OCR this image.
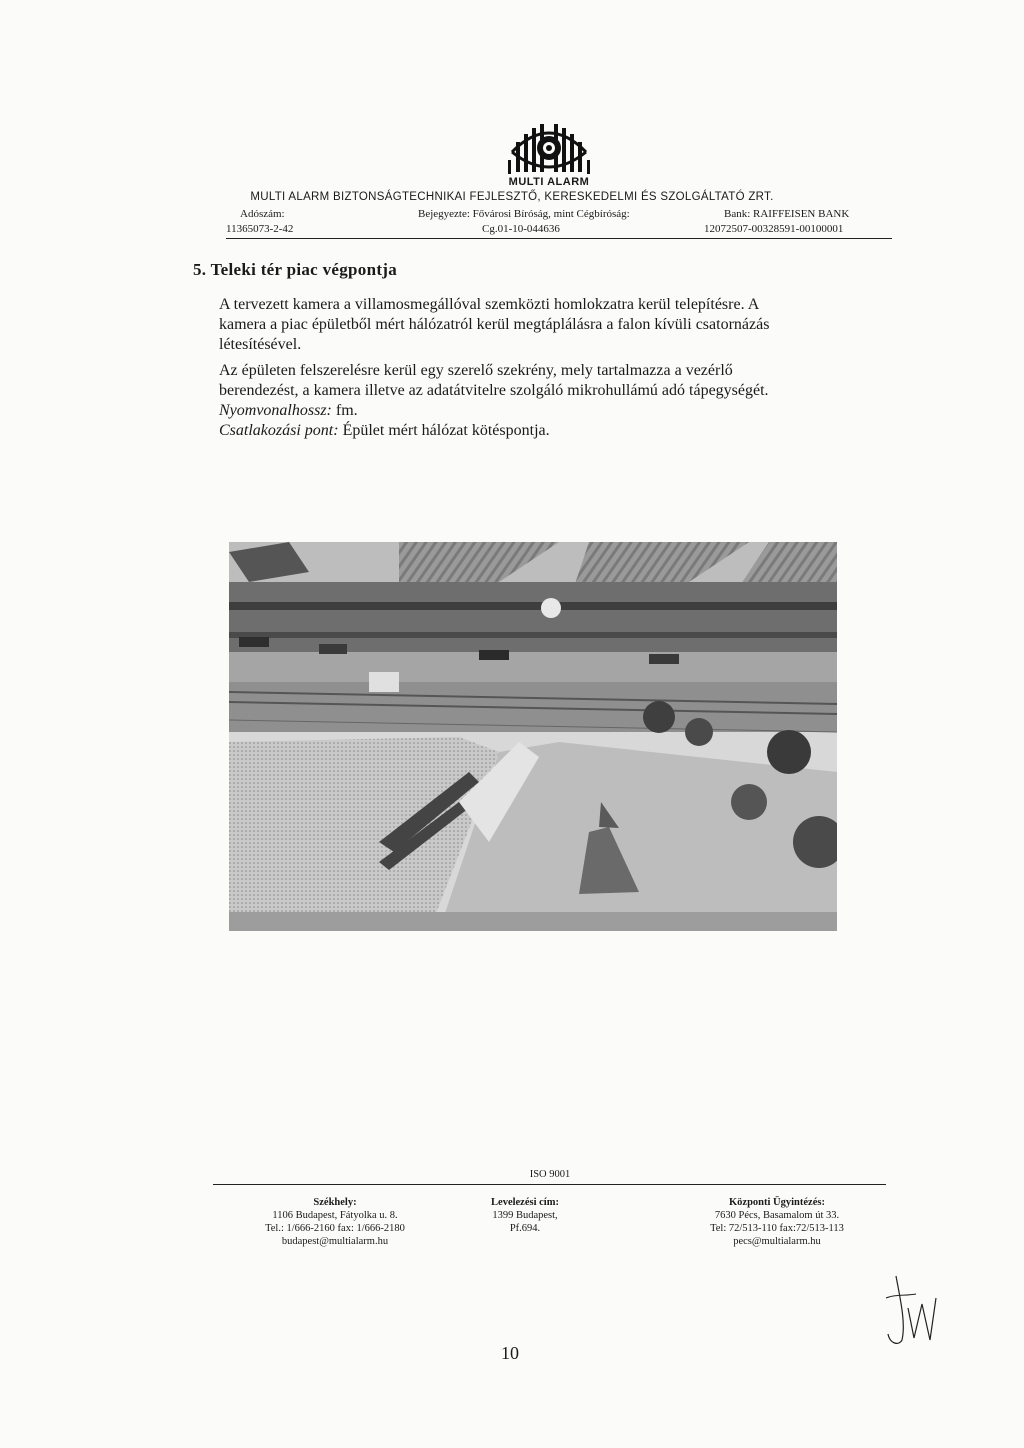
MULTI ALARM
MULTI ALARM BIZTONSÁGTECHNIKAI FEJLESZTŐ, KERESKEDELMI ÉS SZOLGÁLTATÓ ZRT.
Adószám:
11365073-2-42
Bejegyezte: Fővárosi Bíróság, mint Cégbíróság:
Cg.01-10-044636
Bank: RAIFFEISEN BANK
12072507-00328591-00100001
5. Teleki tér piac végpontja
A tervezett kamera a villamosmegállóval szemközti homlokzatra kerül telepítésre. A
kamera a piac épületből mért hálózatról kerül megtáplálásra a falon kívüli csatornázás
létesítésével.
Az épületen felszerelésre kerül egy szerelő szekrény, mely tartalmazza a vezérlő
berendezést, a kamera illetve az adatátvitelre szolgáló mikrohullámú adó tápegységét.
Nyomvonalhossz: fm.
Csatlakozási pont: Épület mért hálózat kötéspontja.
ISO 9001
Székhely:
1106 Budapest, Fátyolka u. 8.
Tel.: 1/666-2160 fax: 1/666-2180
budapest@multialarm.hu
Levelezési cím:
1399 Budapest,
Pf.694.
Központi Ügyintézés:
7630 Pécs, Basamalom út 33.
Tel: 72/513-110 fax:72/513-113
pecs@multialarm.hu
10
